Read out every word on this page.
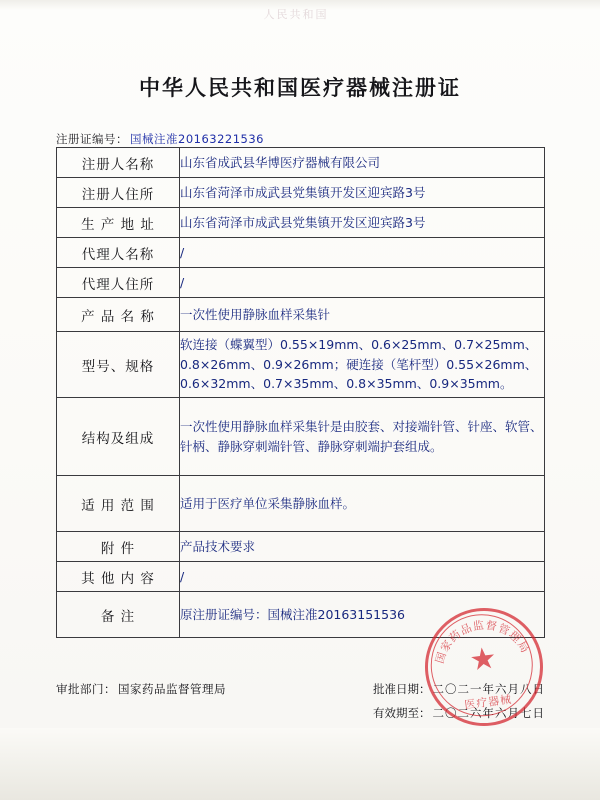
人民共和国
中华人民共和国医疗器械注册证
注册证编号： 国械注准20163221536
注册人名称	山东省成武县华博医疗器械有限公司
注册人住所	山东省菏泽市成武县党集镇开发区迎宾路3号
生 产 地 址	山东省菏泽市成武县党集镇开发区迎宾路3号
代理人名称	/
代理人住所	/
产 品 名 称	一次性使用静脉血样采集针
型号、规格	软连接（蝶翼型）0.55×19mm、0.6×25mm、0.7×25mm、0.8×26mm、0.9×26mm；硬连接（笔杆型）0.55×26mm、0.6×32mm、0.7×35mm、0.8×35mm、0.9×35mm。
结构及组成	一次性使用静脉血样采集针是由胶套、对接端针管、针座、软管、针柄、静脉穿刺端针管、静脉穿刺端护套组成。
适 用 范 围	适用于医疗单位采集静脉血样。
附 件	产品技术要求
其 他 内 容	/
备 注	原注册证编号：国械注准20163151536
审批部门： 国家药品监督管理局	批准日期： 二〇二一年六月八日
有效期至： 二〇二六年六月七日
国家药品监督管理局
★
医疗器械
